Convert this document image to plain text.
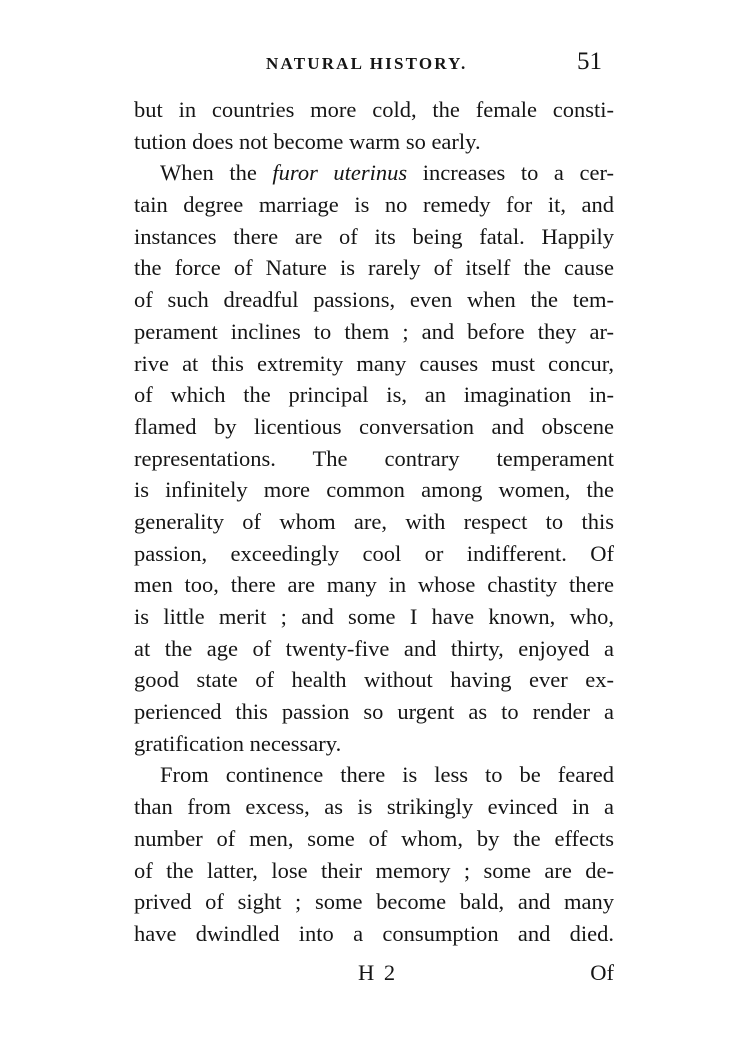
NATURAL HISTORY.	51
but in countries more cold, the female consti-
tution does not become warm so early.
When the furor uterinus increases to a cer-
tain degree marriage is no remedy for it, and
instances there are of its being fatal. Happily
the force of Nature is rarely of itself the cause
of such dreadful passions, even when the tem-
perament inclines to them ; and before they ar-
rive at this extremity many causes must concur,
of which the principal is, an imagination in-
flamed by licentious conversation and obscene
representations. The contrary temperament
is infinitely more common among women, the
generality of whom are, with respect to this
passion, exceedingly cool or indifferent. Of
men too, there are many in whose chastity there
is little merit ; and some I have known, who,
at the age of twenty-five and thirty, enjoyed a
good state of health without having ever ex-
perienced this passion so urgent as to render a
gratification necessary.
From continence there is less to be feared
than from excess, as is strikingly evinced in a
number of men, some of whom, by the effects
of the latter, lose their memory ; some are de-
prived of sight ; some become bald, and many
have dwindled into a consumption and died.
H 2	Of
